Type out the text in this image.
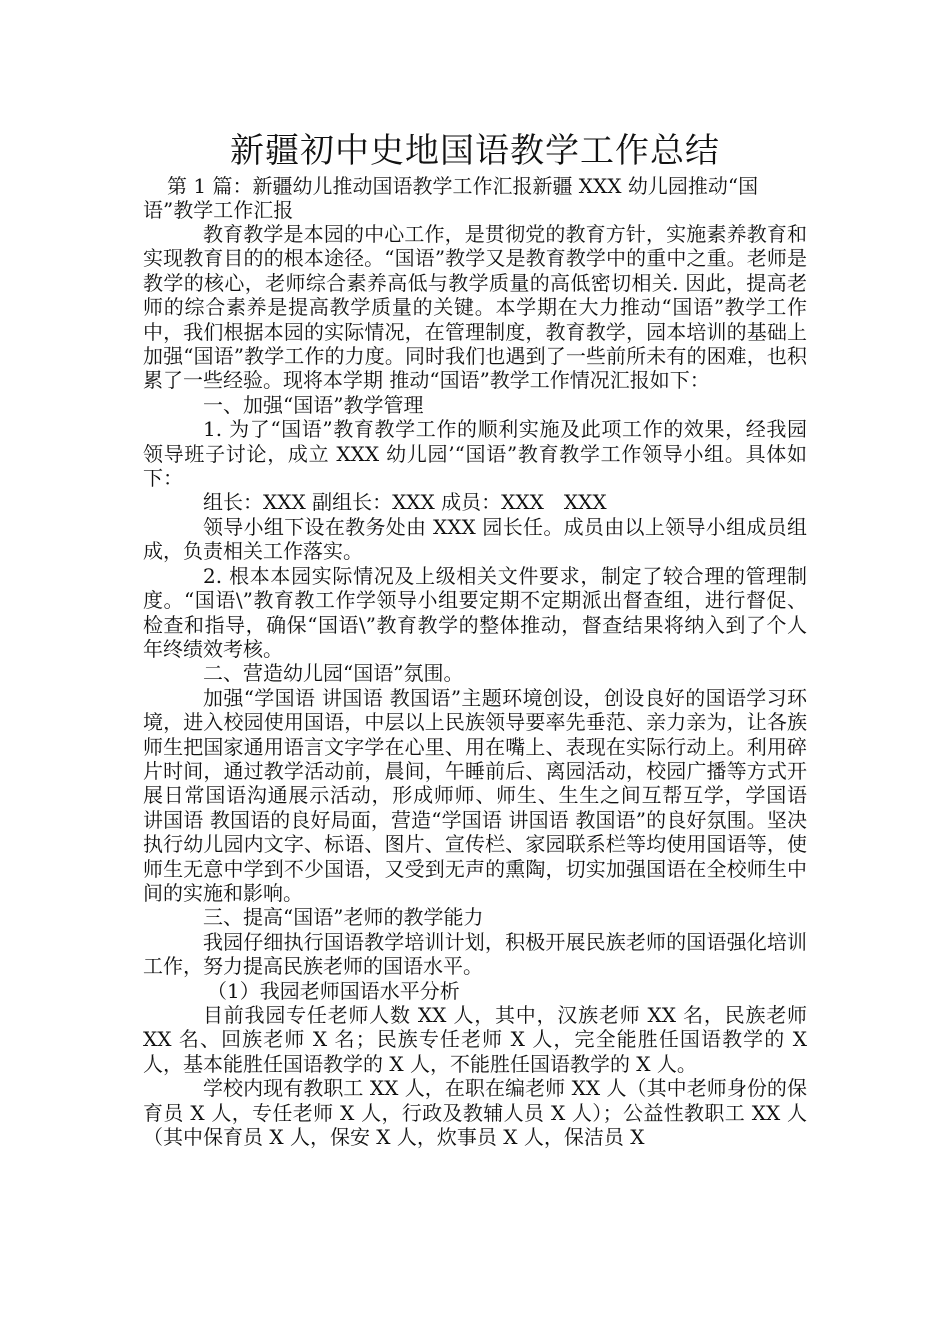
新疆初中史地国语教学工作总结

第 1 篇：新疆幼儿推动国语教学工作汇报新疆 XXX 幼儿园推动“国语”教学工作汇报

教育教学是本园的中心工作，是贯彻党的教育方针，实施素养教育和实现教育目的的根本途径。“国语”教学又是教育教学中的重中之重。老师是教学的核心，老师综合素养高低与教学质量的高低密切相关. 因此，提高老师的综合素养是提高教学质量的关键。本学期在大力推动“国语”教学工作中，我们根据本园的实际情况，在管理制度，教育教学，园本培训的基础上加强“国语”教学工作的力度。同时我们也遇到了一些前所未有的困难，也积累了一些经验。现将本学期 推动“国语”教学工作情况汇报如下：

一、加强“国语”教学管理

1. 为了“国语”教育教学工作的顺利实施及此项工作的效果，经我园领导班子讨论，成立 XXX 幼儿园’“国语”教育教学工作领导小组。具体如下：

组长：XXX 副组长：XXX 成员：XXX　XXX

领导小组下设在教务处由 XXX 园长任。成员由以上领导小组成员组成，负责相关工作落实。

2. 根本本园实际情况及上级相关文件要求，制定了较合理的管理制度。“国语\”教育教工作学领导小组要定期不定期派出督查组，进行督促、检查和指导，确保“国语\”教育教学的整体推动，督查结果将纳入到了个人年终绩效考核。

二、营造幼儿园“国语”氛围。

加强“学国语 讲国语 教国语”主题环境创设，创设良好的国语学习环境，进入校园使用国语，中层以上民族领导要率先垂范、亲力亲为，让各族师生把国家通用语言文字学在心里、用在嘴上、表现在实际行动上。利用碎片时间，通过教学活动前，晨间，午睡前后、离园活动，校园广播等方式开展日常国语沟通展示活动，形成师师、师生、生生之间互帮互学，学国语 讲国语 教国语的良好局面，营造“学国语 讲国语 教国语”的良好氛围。坚决执行幼儿园内文字、标语、图片、宣传栏、家园联系栏等均使用国语等，使师生无意中学到不少国语，又受到无声的熏陶，切实加强国语在全校师生中间的实施和影响。

三、提高“国语”老师的教学能力

我园仔细执行国语教学培训计划，积极开展民族老师的国语强化培训工作，努力提高民族老师的国语水平。

（1）我园老师国语水平分析

目前我园专任老师人数 XX 人，其中，汉族老师 XX 名，民族老师 XX 名、回族老师 X 名；民族专任老师 X 人，完全能胜任国语教学的 X 人，基本能胜任国语教学的 X 人，不能胜任国语教学的 X 人。

学校内现有教职工 XX 人，在职在编老师 XX 人（其中老师身份的保育员 X 人，专任老师 X 人，行政及教辅人员 X 人）；公益性教职工 XX 人（其中保育员 X 人，保安 X 人，炊事员 X 人，保洁员 X
